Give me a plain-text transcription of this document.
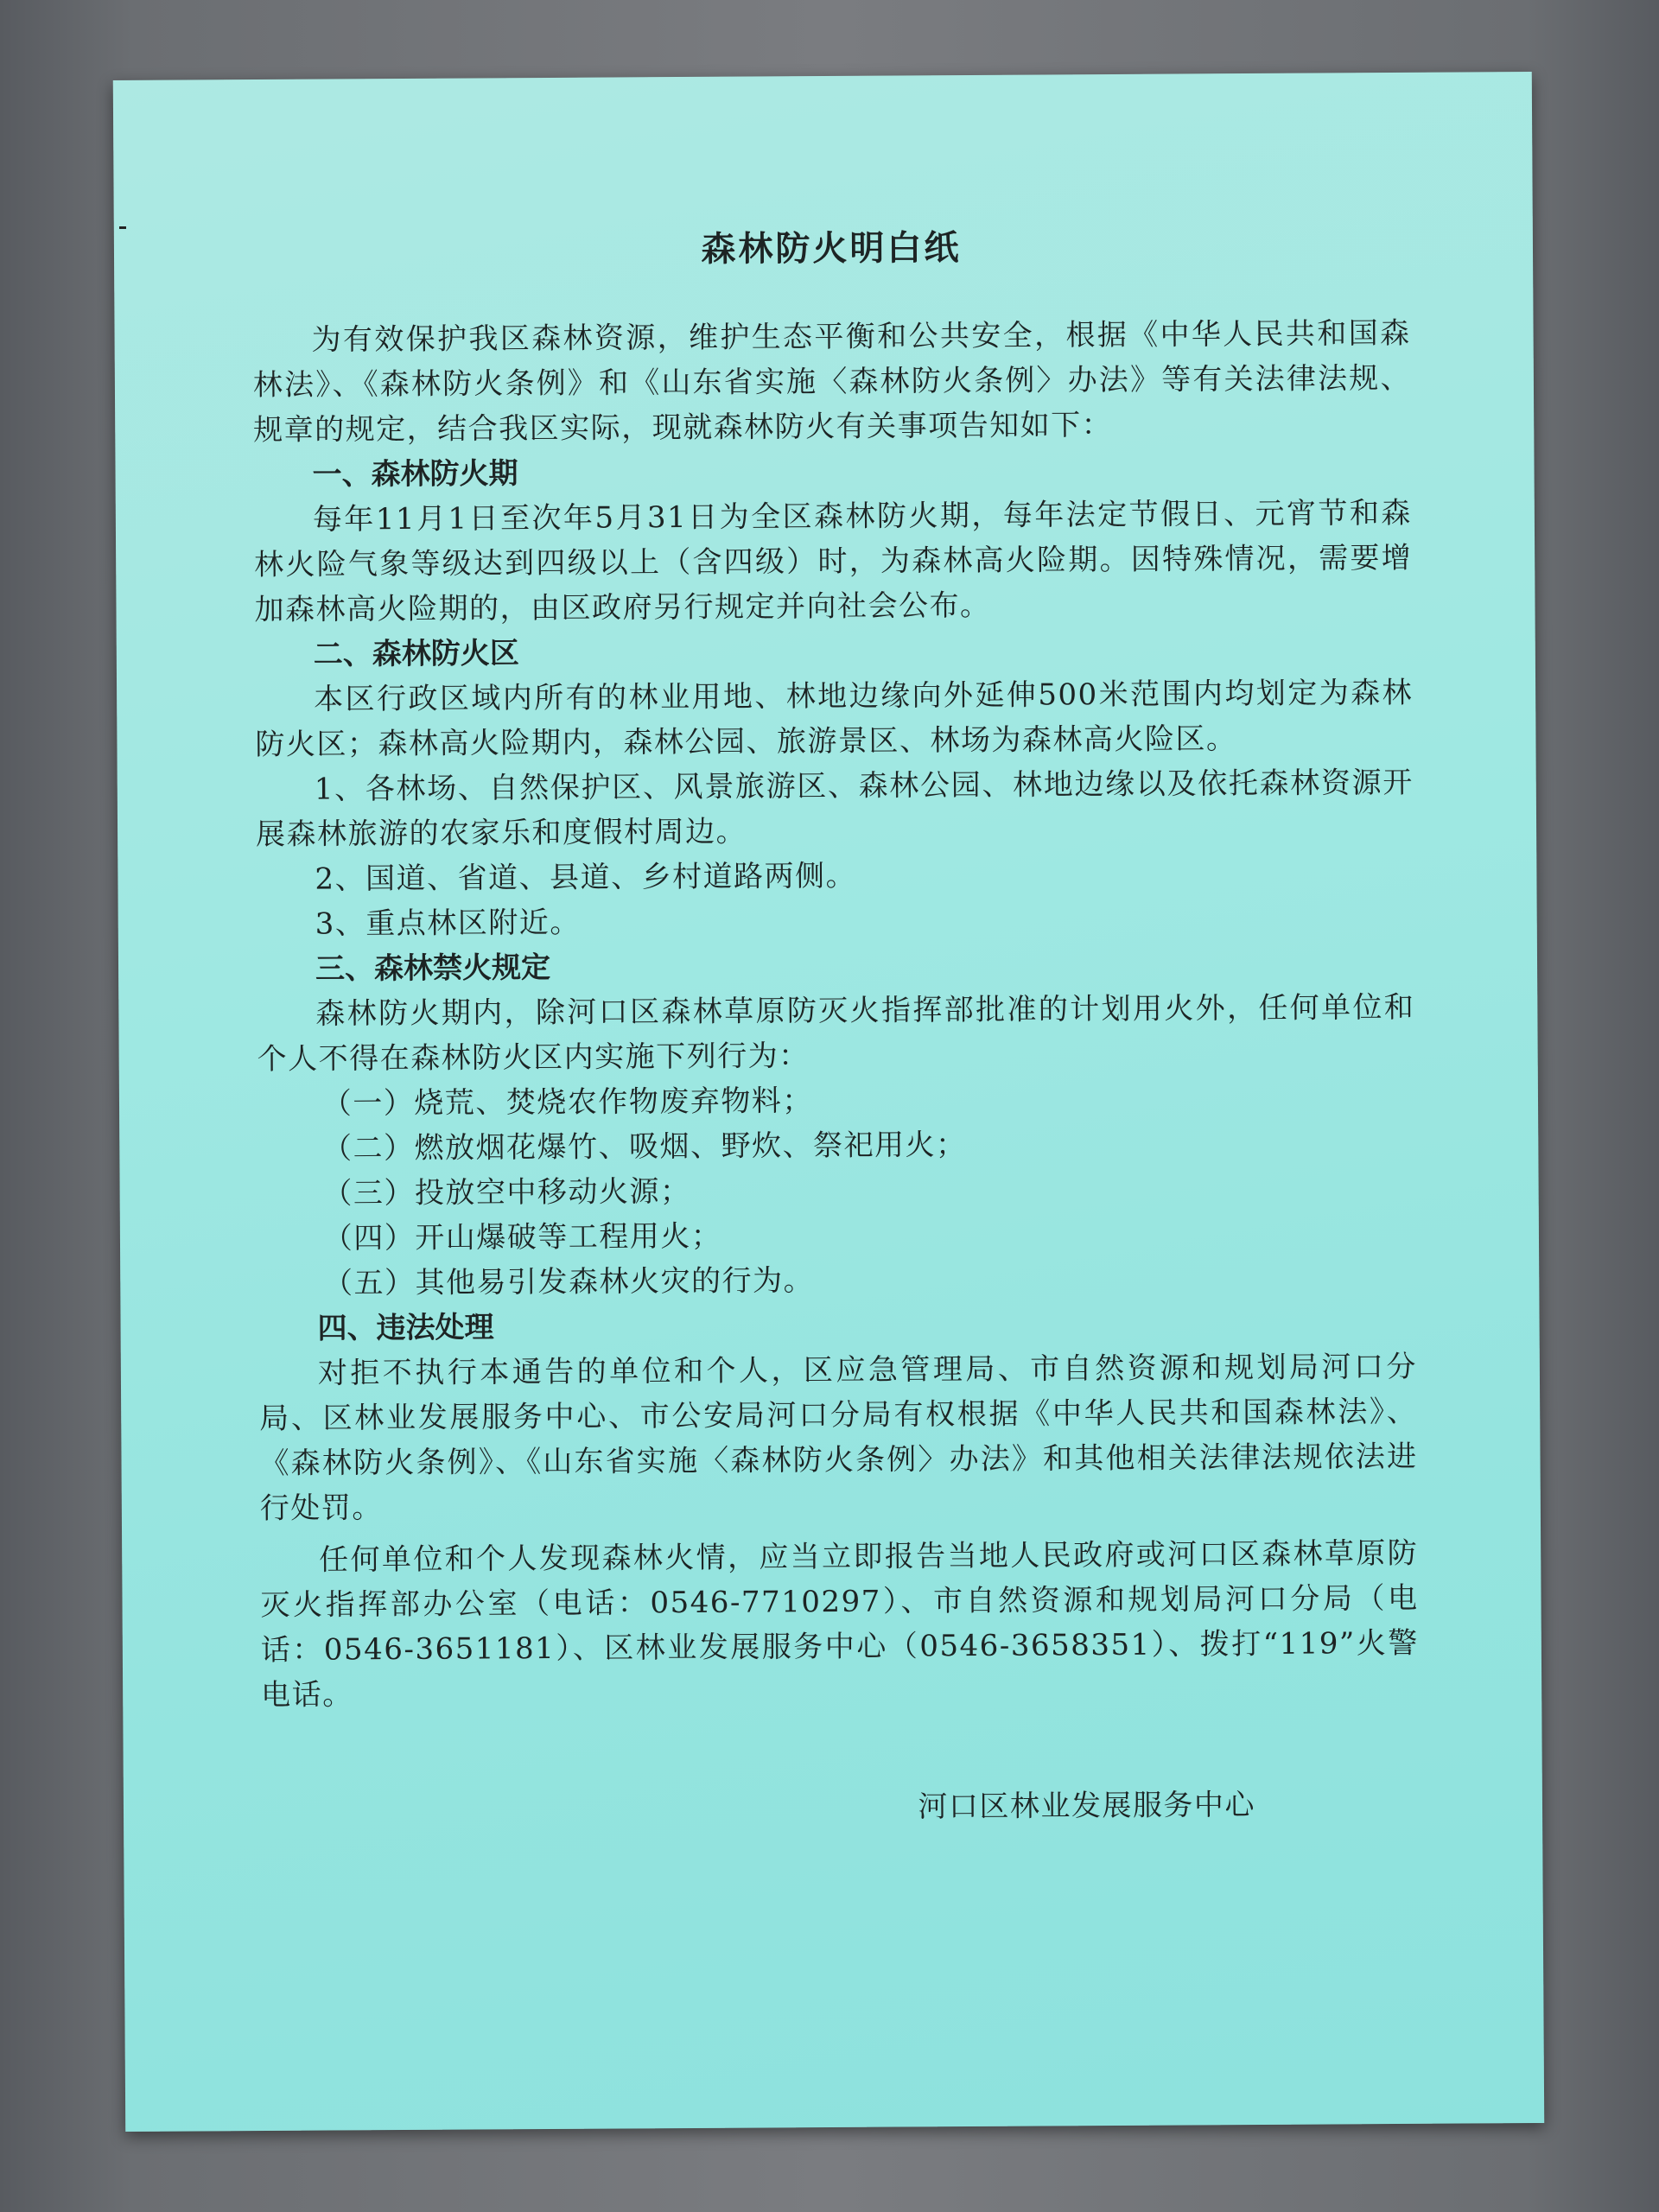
森林防火明白纸

为有效保护我区森林资源，维护生态平衡和公共安全，根据《中华人民共和国森林法》、《森林防火条例》和《山东省实施〈森林防火条例〉办法》等有关法律法规、规章的规定，结合我区实际，现就森林防火有关事项告知如下：

一、森林防火期

每年11月1日至次年5月31日为全区森林防火期，每年法定节假日、元宵节和森林火险气象等级达到四级以上（含四级）时，为森林高火险期。因特殊情况，需要增加森林高火险期的，由区政府另行规定并向社会公布。

二、森林防火区

本区行政区域内所有的林业用地、林地边缘向外延伸500米范围内均划定为森林防火区；森林高火险期内，森林公园、旅游景区、林场为森林高火险区。

1、各林场、自然保护区、风景旅游区、森林公园、林地边缘以及依托森林资源开展森林旅游的农家乐和度假村周边。

2、国道、省道、县道、乡村道路两侧。

3、重点林区附近。

三、森林禁火规定

森林防火期内，除河口区森林草原防灭火指挥部批准的计划用火外，任何单位和个人不得在森林防火区内实施下列行为：

（一）烧荒、焚烧农作物废弃物料；

（二）燃放烟花爆竹、吸烟、野炊、祭祀用火；

（三）投放空中移动火源；

（四）开山爆破等工程用火；

（五）其他易引发森林火灾的行为。

四、违法处理

对拒不执行本通告的单位和个人，区应急管理局、市自然资源和规划局河口分局、区林业发展服务中心、市公安局河口分局有权根据《中华人民共和国森林法》、《森林防火条例》、《山东省实施〈森林防火条例〉办法》和其他相关法律法规依法进行处罚。

任何单位和个人发现森林火情，应当立即报告当地人民政府或河口区森林草原防灭火指挥部办公室（电话：0546-7710297）、市自然资源和规划局河口分局（电话：0546-3651181）、区林业发展服务中心（0546-3658351）、拨打“119”火警电话。

河口区林业发展服务中心
